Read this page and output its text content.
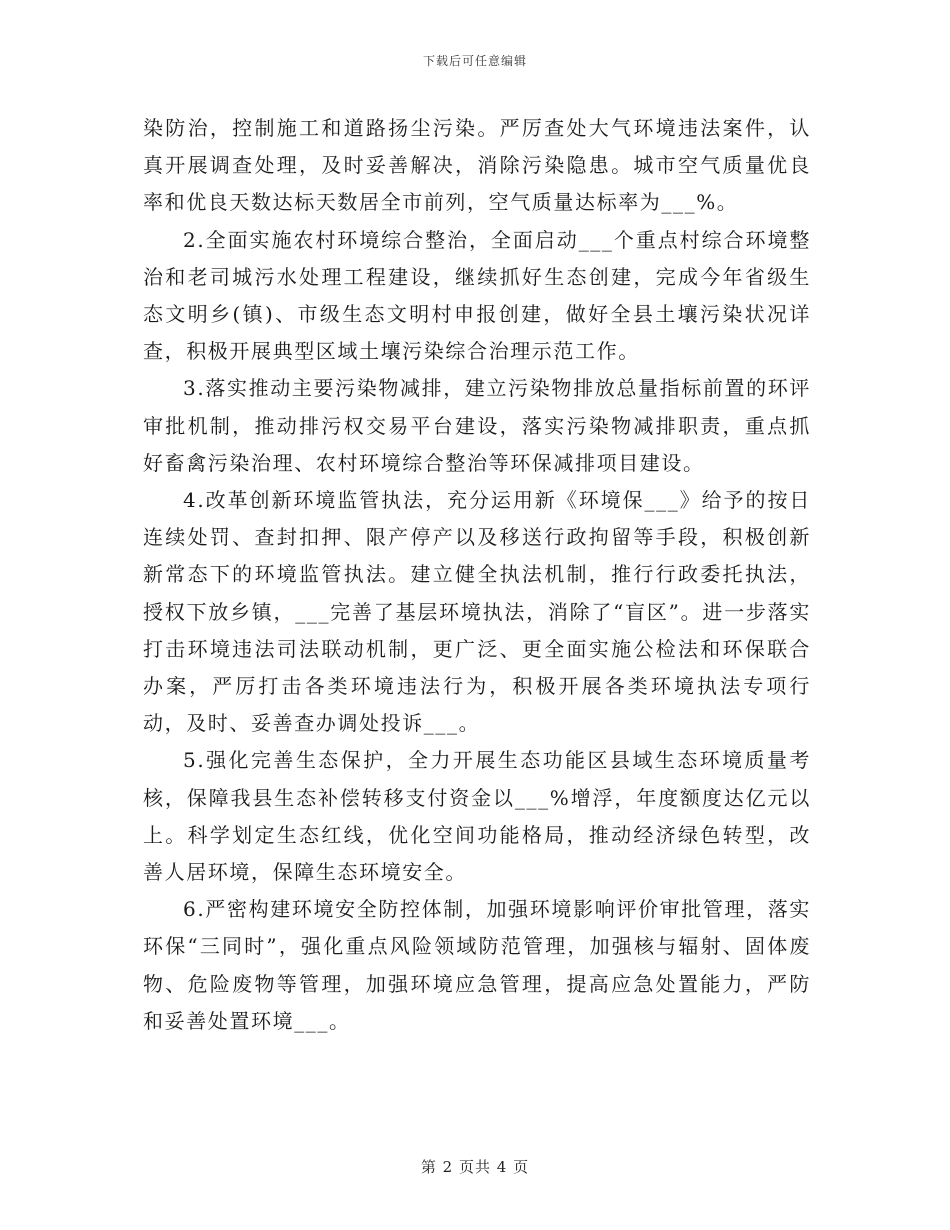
下载后可任意编辑

染防治，控制施工和道路扬尘污染。严厉查处大气环境违法案件，认真开展调查处理，及时妥善解决，消除污染隐患。城市空气质量优良率和优良天数达标天数居全市前列，空气质量达标率为___%。

2.全面实施农村环境综合整治，全面启动___个重点村综合环境整治和老司城污水处理工程建设，继续抓好生态创建，完成今年省级生态文明乡(镇)、市级生态文明村申报创建，做好全县土壤污染状况详查，积极开展典型区域土壤污染综合治理示范工作。

3.落实推动主要污染物减排，建立污染物排放总量指标前置的环评审批机制，推动排污权交易平台建设，落实污染物减排职责，重点抓好畜禽污染治理、农村环境综合整治等环保减排项目建设。

4.改革创新环境监管执法，充分运用新《环境保___》给予的按日连续处罚、查封扣押、限产停产以及移送行政拘留等手段，积极创新新常态下的环境监管执法。建立健全执法机制，推行行政委托执法，授权下放乡镇，___完善了基层环境执法，消除了“盲区”。进一步落实打击环境违法司法联动机制，更广泛、更全面实施公检法和环保联合办案，严厉打击各类环境违法行为，积极开展各类环境执法专项行动，及时、妥善查办调处投诉___。

5.强化完善生态保护，全力开展生态功能区县域生态环境质量考核，保障我县生态补偿转移支付资金以___%增浮，年度额度达亿元以上。科学划定生态红线，优化空间功能格局，推动经济绿色转型，改善人居环境，保障生态环境安全。

6.严密构建环境安全防控体制，加强环境影响评价审批管理，落实环保“三同时”，强化重点风险领域防范管理，加强核与辐射、固体废物、危险废物等管理，加强环境应急管理，提高应急处置能力，严防和妥善处置环境___。

第 2 页共 4 页
